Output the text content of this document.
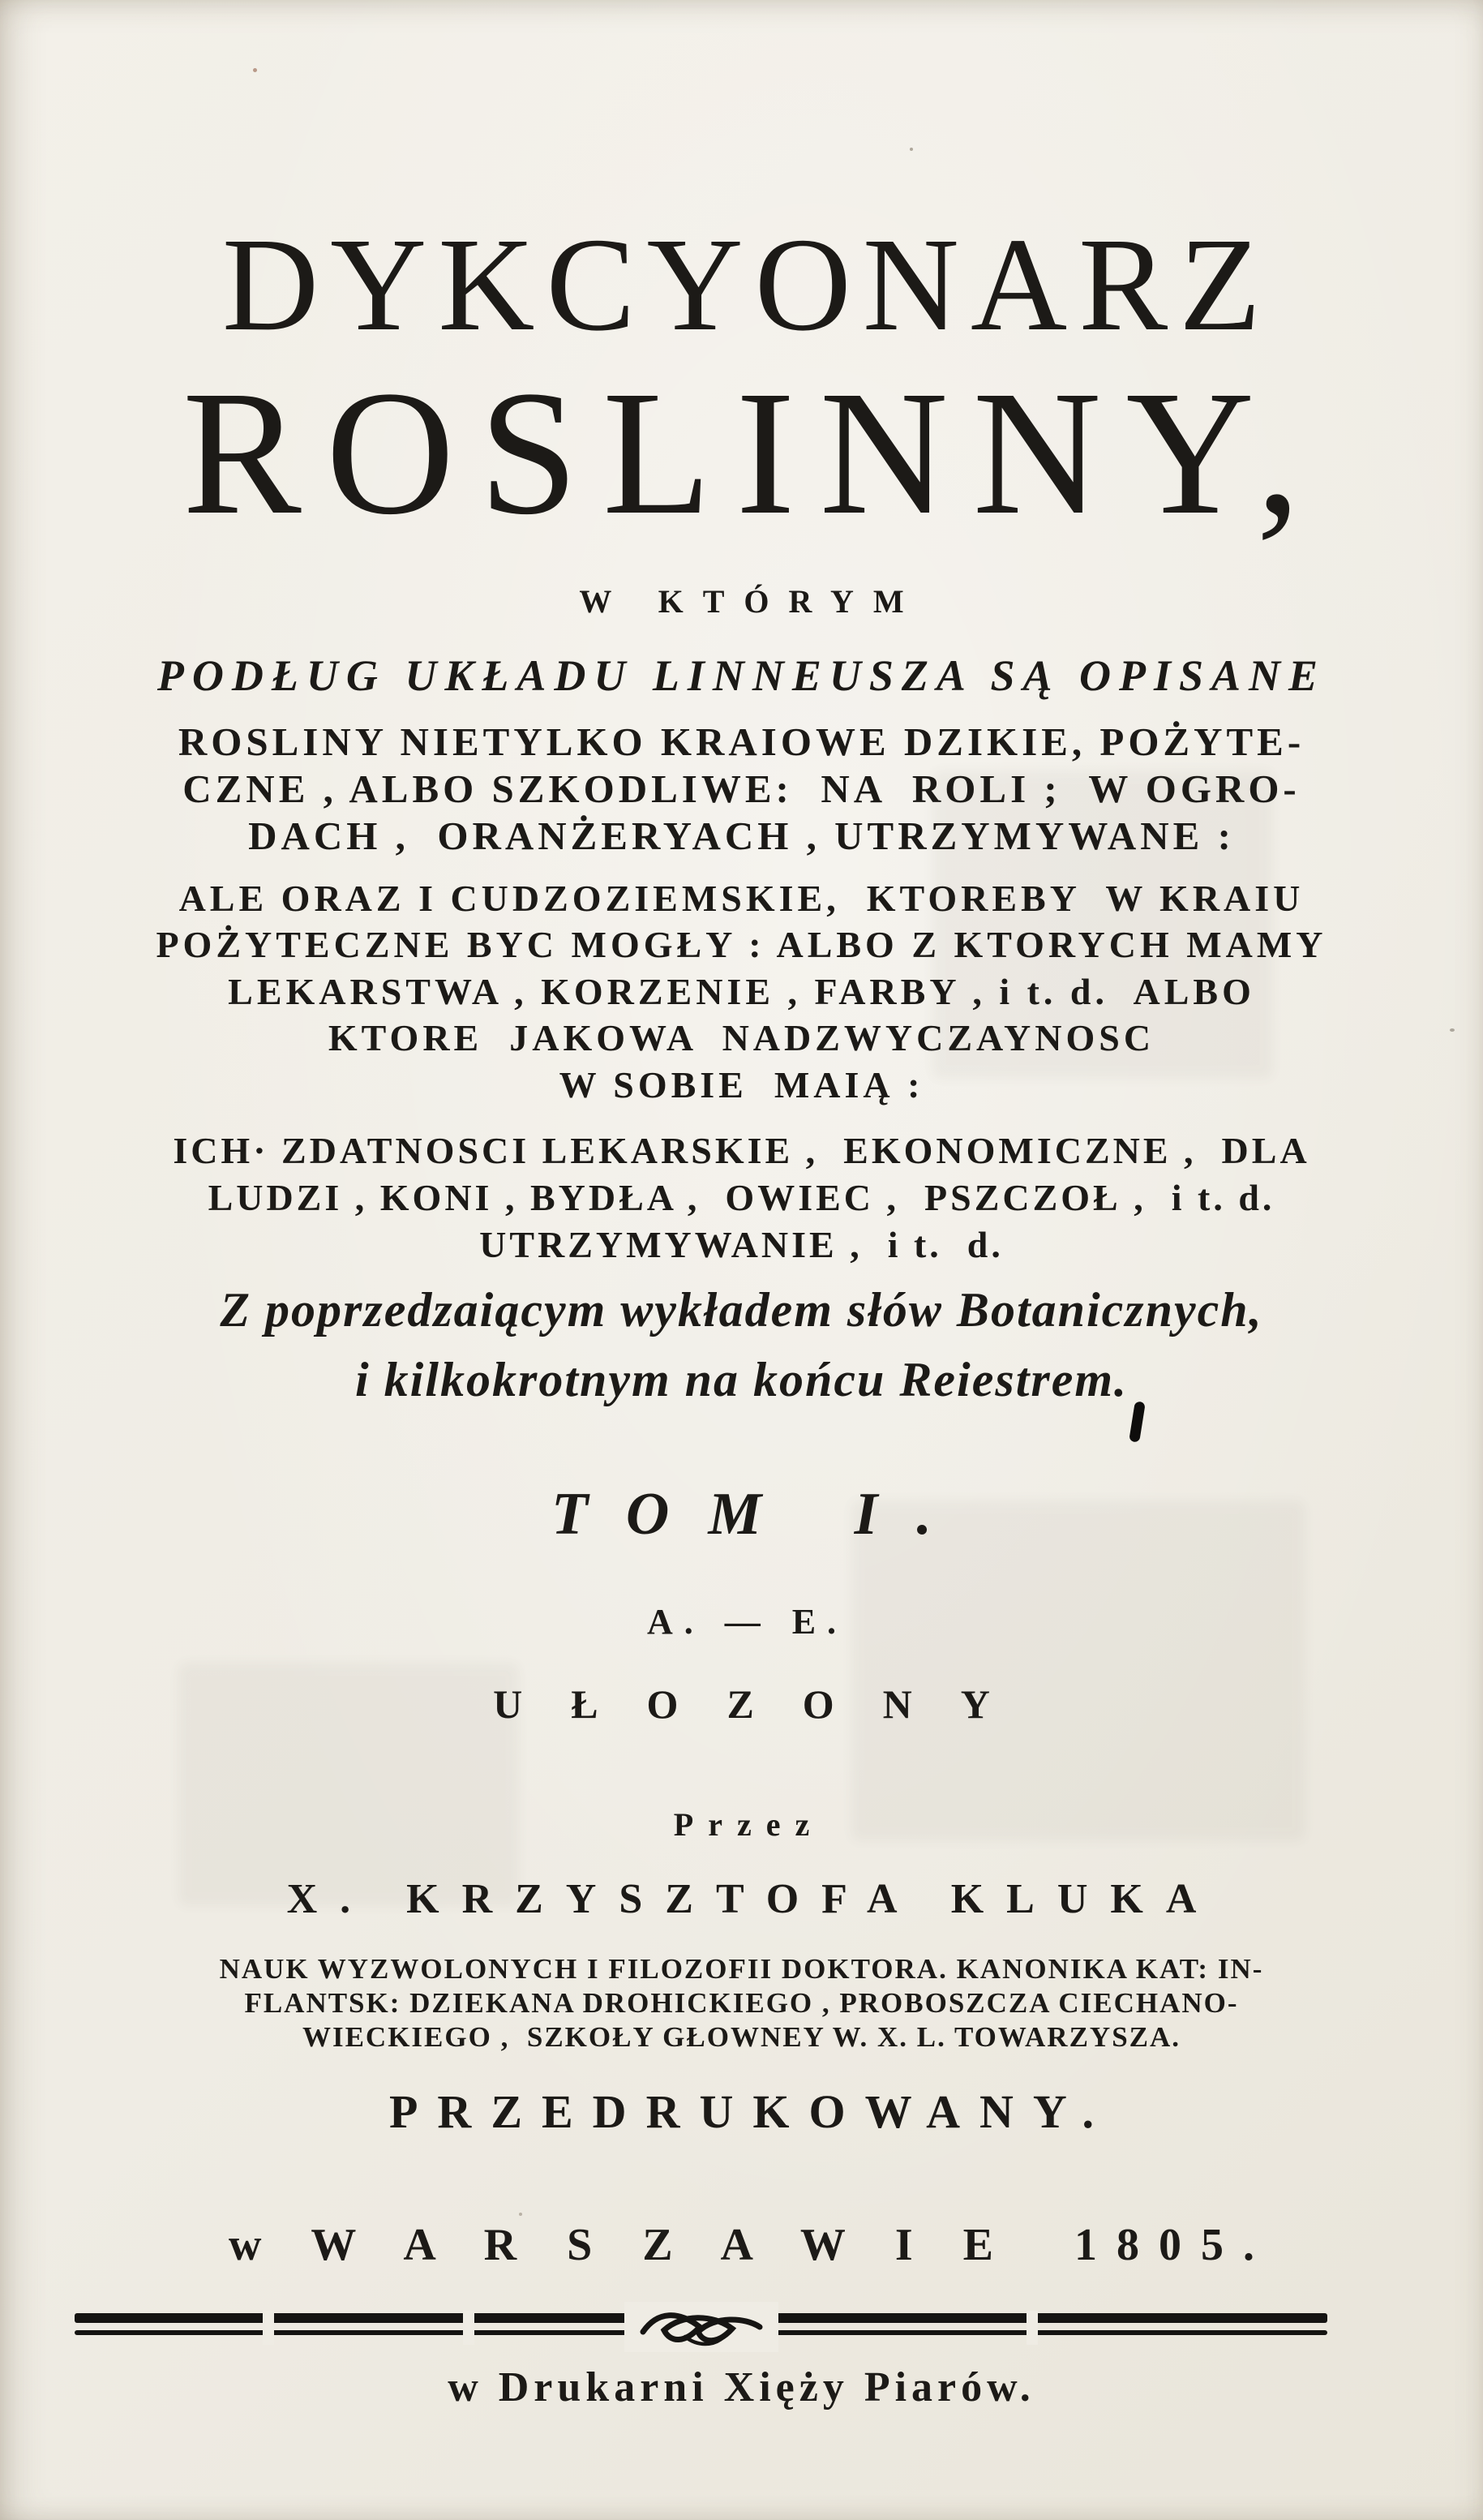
DYKCYONARZ
ROSLINNY,
W KTÓRYM
PODŁUG UKŁADU LINNEUSZA SĄ OPISANE
ROSLINY NIETYLKO KRAIOWE DZIKIE, POŻYTE-
CZNE , ALBO SZKODLIWE:  NA  ROLI ;  W OGRO-
DACH ,  ORANŻERYACH , UTRZYMYWANE :
ALE ORAZ I CUDZOZIEMSKIE,  KTOREBY  W KRAIU
POŻYTECZNE BYC MOGŁY : ALBO Z KTORYCH MAMY
LEKARSTWA , KORZENIE , FARBY , i t. d.  ALBO
KTORE  JAKOWA  NADZWYCZAYNOSC
W SOBIE  MAIĄ :
ICH· ZDATNOSCI LEKARSKIE ,  EKONOMICZNE ,  DLA
LUDZI , KONI , BYDŁA ,  OWIEC ,  PSZCZOŁ ,  i t. d.
UTRZYMYWANIE ,  i t.  d.
Z poprzedzaiącym wykładem słów Botanicznych,
i kilkokrotnym na końcu Reiestrem.
TOM I.
A. — E.
UŁOZONY
Przez
X. KRZYSZTOFA KLUKA
NAUK WYZWOLONYCH I FILOZOFII DOKTORA. KANONIKA KAT: IN-
FLANTSK: DZIEKANA DROHICKIEGO , PROBOSZCZA CIECHANO-
WIECKIEGO ,  SZKOŁY GŁOWNEY W. X. L. TOWARZYSZA.
PRZEDRUKOWANY.
w W A R S Z A W I E  1805.
w Drukarni Xięży Piarów.
